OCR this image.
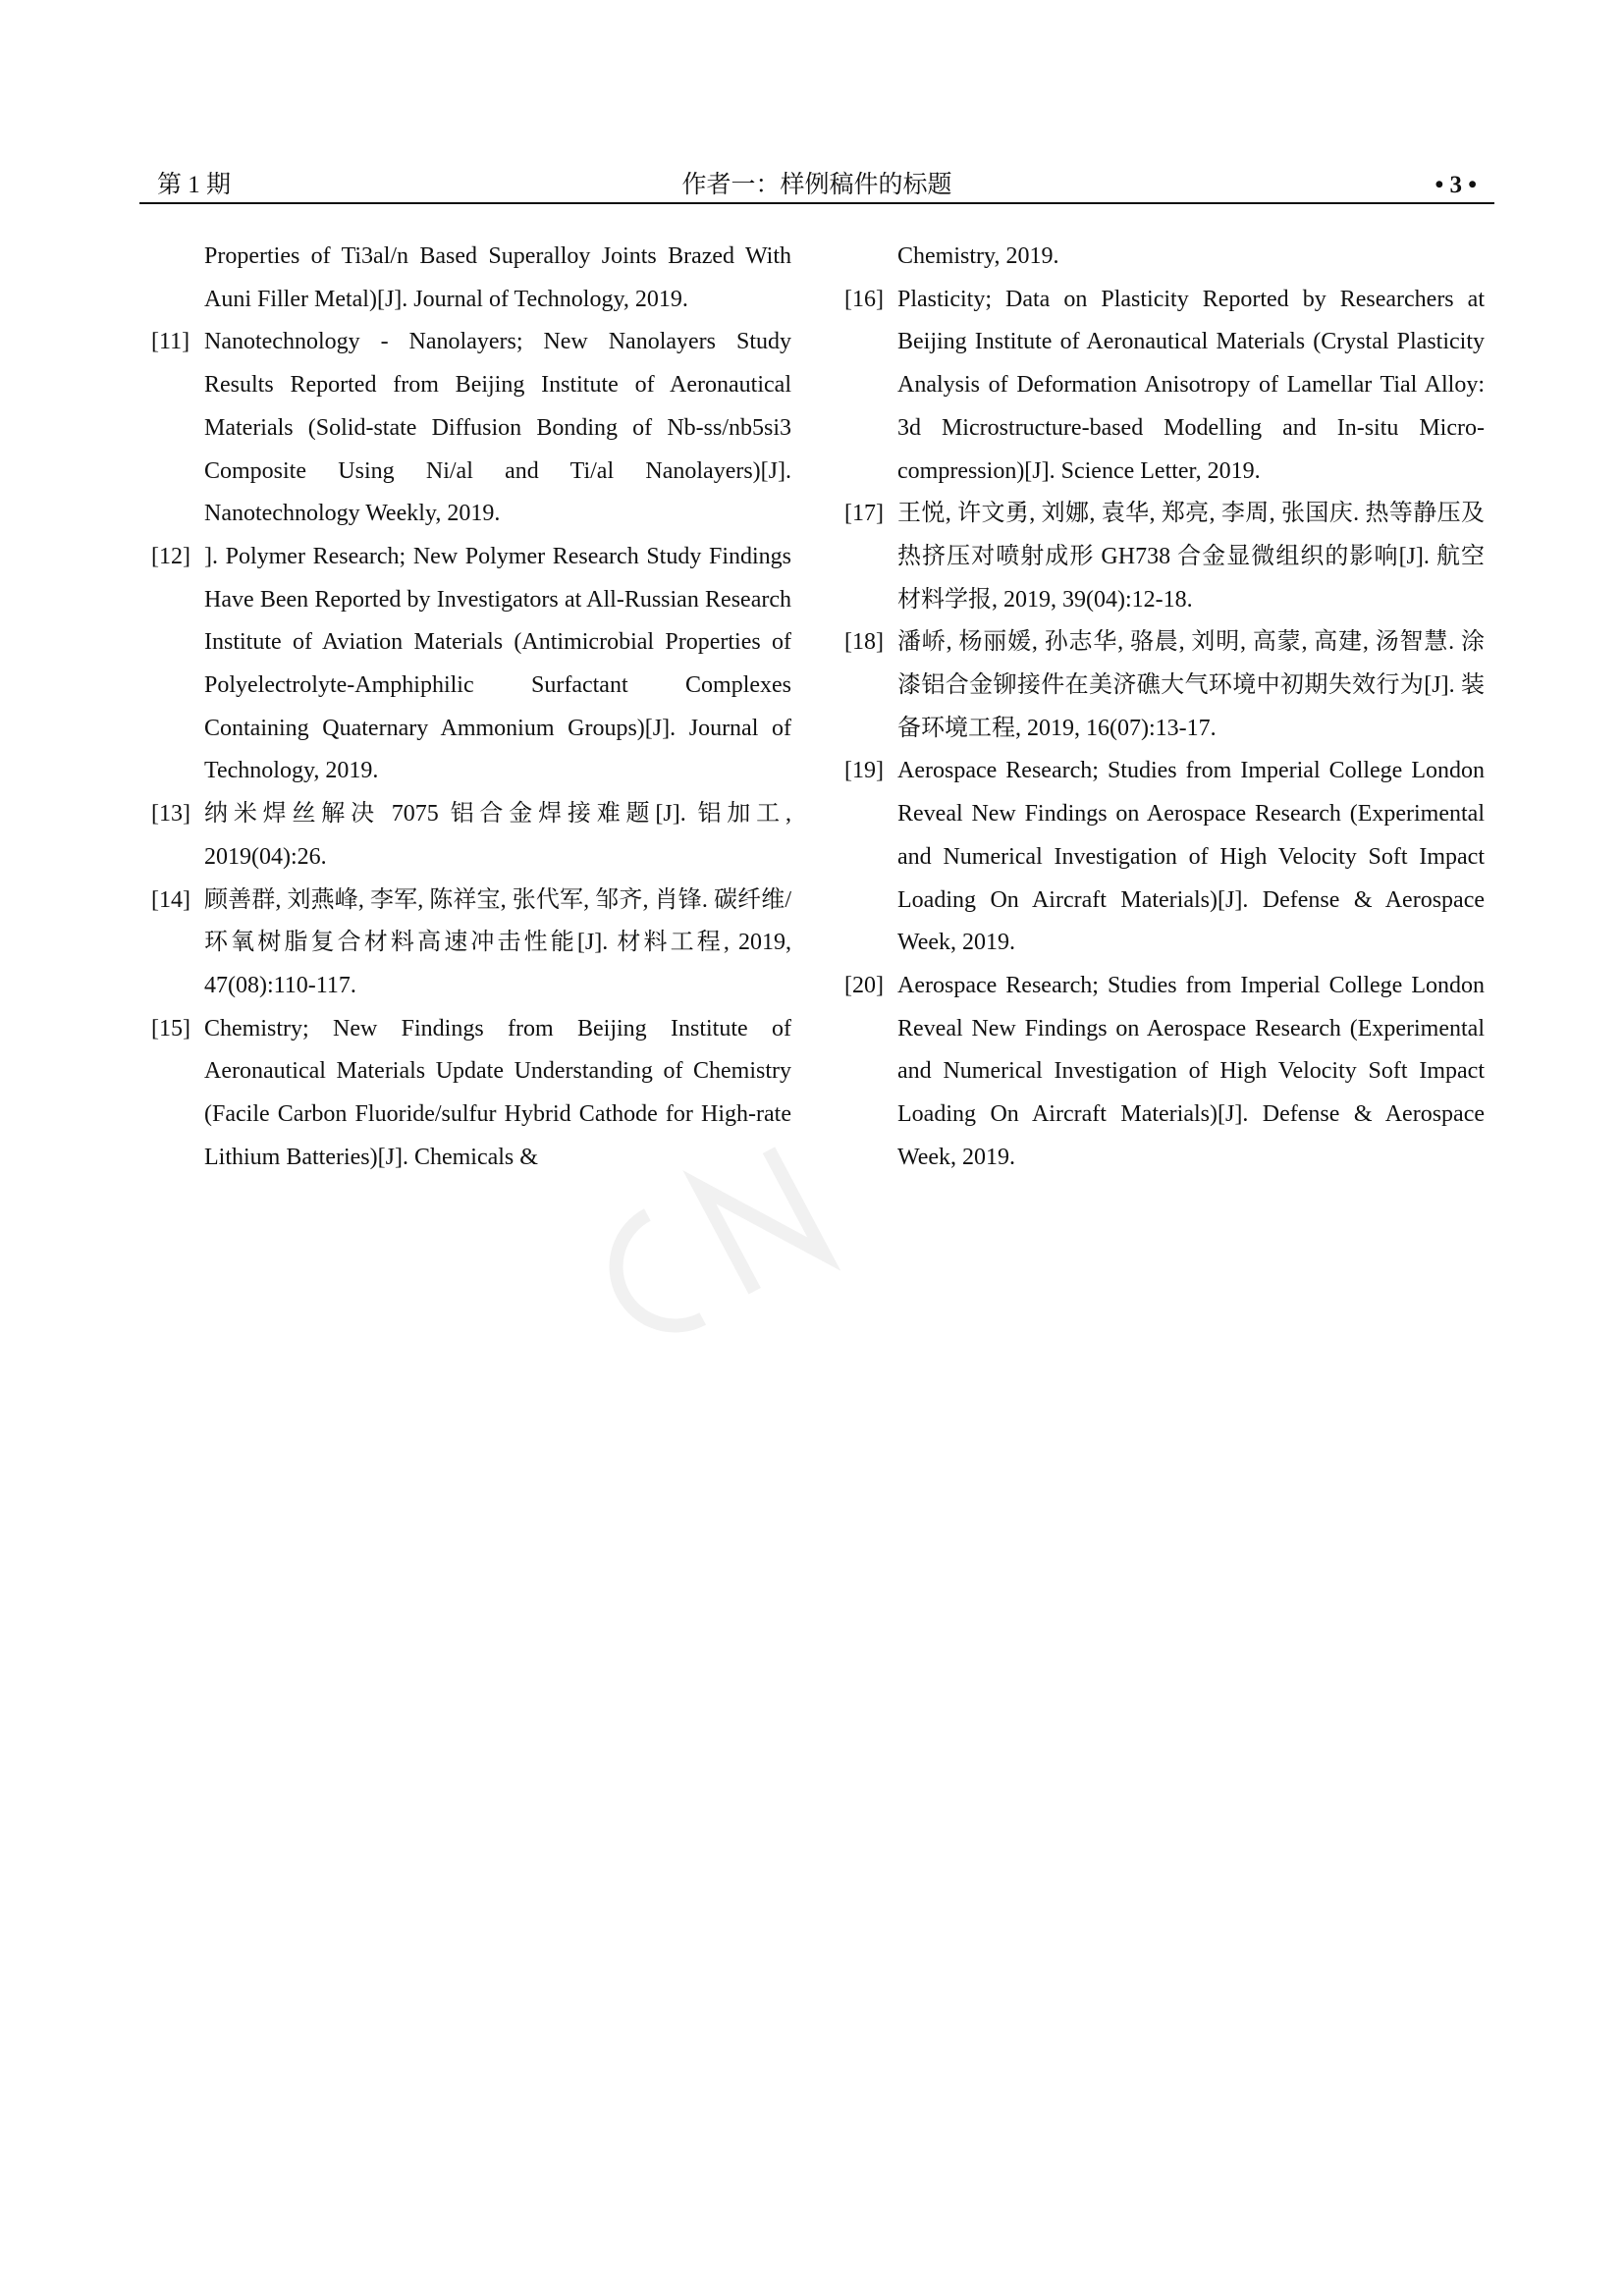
第 1 期	作者一：样例稿件的标题	• 3 •

Properties of Ti3al/n Based Superalloy Joints Brazed With Auni Filler Metal)[J]. Journal of Technology, 2019.

[11] Nanotechnology - Nanolayers; New Nanolayers Study Results Reported from Beijing Institute of Aeronautical Materials (Solid-state Diffusion Bonding of Nb-ss/nb5si3 Composite Using Ni/al and Ti/al Nanolayers)[J]. Nanotechnology Weekly, 2019.

[12] ]. Polymer Research; New Polymer Research Study Findings Have Been Reported by Investigators at All-Russian Research Institute of Aviation Materials (Antimicrobial Properties of Polyelectrolyte-Amphiphilic Surfactant Complexes Containing Quaternary Ammonium Groups)[J]. Journal of Technology, 2019.

[13] 纳米焊丝解决 7075 铝合金焊接难题[J]. 铝加工, 2019(04):26.

[14] 顾善群, 刘燕峰, 李军, 陈祥宝, 张代军, 邹齐, 肖锋. 碳纤维/环氧树脂复合材料高速冲击性能[J]. 材料工程, 2019, 47(08):110-117.

[15] Chemistry; New Findings from Beijing Institute of Aeronautical Materials Update Understanding of Chemistry (Facile Carbon Fluoride/sulfur Hybrid Cathode for High-rate Lithium Batteries)[J]. Chemicals &

Chemistry, 2019.

[16] Plasticity; Data on Plasticity Reported by Researchers at Beijing Institute of Aeronautical Materials (Crystal Plasticity Analysis of Deformation Anisotropy of Lamellar Tial Alloy: 3d Microstructure-based Modelling and In-situ Micro-compression)[J]. Science Letter, 2019.

[17] 王悦, 许文勇, 刘娜, 袁华, 郑亮, 李周, 张国庆. 热等静压及热挤压对喷射成形 GH738 合金显微组织的影响[J]. 航空材料学报, 2019, 39(04):12-18.

[18] 潘峤, 杨丽媛, 孙志华, 骆晨, 刘明, 高蒙, 高建, 汤智慧. 涂漆铝合金铆接件在美济礁大气环境中初期失效行为[J]. 装备环境工程, 2019, 16(07):13-17.

[19] Aerospace Research; Studies from Imperial College London Reveal New Findings on Aerospace Research (Experimental and Numerical Investigation of High Velocity Soft Impact Loading On Aircraft Materials)[J]. Defense & Aerospace Week, 2019.

[20] Aerospace Research; Studies from Imperial College London Reveal New Findings on Aerospace Research (Experimental and Numerical Investigation of High Velocity Soft Impact Loading On Aircraft Materials)[J]. Defense & Aerospace Week, 2019.
